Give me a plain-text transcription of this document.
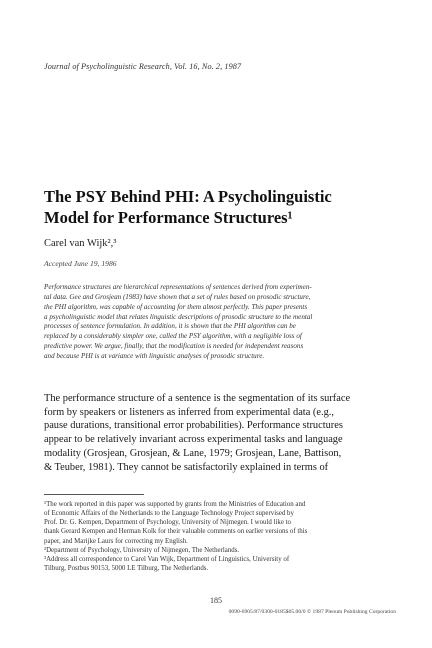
Journal of Psycholinguistic Research, Vol. 16, No. 2, 1987
The PSY Behind PHI: A Psycholinguistic
Model for Performance Structures¹
Carel van Wijk²,³
Accepted June 19, 1986
Performance structures are hierarchical representations of sentences derived from experimen-
tal data. Gee and Grosjean (1983) have shown that a set of rules based on prosodic structure,
the PHI algorithm, was capable of accounting for them almost perfectly. This paper presents
a psycholinguistic model that relates linguistic descriptions of prosodic structure to the mental
processes of sentence formulation. In addition, it is shown that the PHI algorithm can be
replaced by a considerably simpler one, called the PSY algorithm, with a negligible loss of
predictive power. We argue, finally, that the modification is needed for independent reasons
and because PHI is at variance with linguistic analyses of prosodic structure.
The performance structure of a sentence is the segmentation of its surface
form by speakers or listeners as inferred from experimental data (e.g.,
pause durations, transitional error probabilities). Performance structures
appear to be relatively invariant across experimental tasks and language
modality (Grosjean, Grosjean, & Lane, 1979; Grosjean, Lane, Battison,
& Teuber, 1981). They cannot be satisfactorily explained in terms of
¹The work reported in this paper was supported by grants from the Ministries of Education and
of Economic Affairs of the Netherlands to the Language Technology Project supervised by
Prof. Dr. G. Kempen, Department of Psychology, University of Nijmegen. I would like to
thank Gerard Kempen and Herman Kolk for their valuable comments on earlier versions of this
paper, and Marijke Laurs for correcting my English.
²Department of Psychology, University of Nijmegen, The Netherlands.
³Address all correspondence to Carel Van Wijk, Department of Linguistics, University of
Tilburg, Postbus 90153, 5000 LE Tilburg, The Netherlands.
185
0090-6905/87/0300-0185$05.00/0 © 1987 Plenum Publishing Corporation
